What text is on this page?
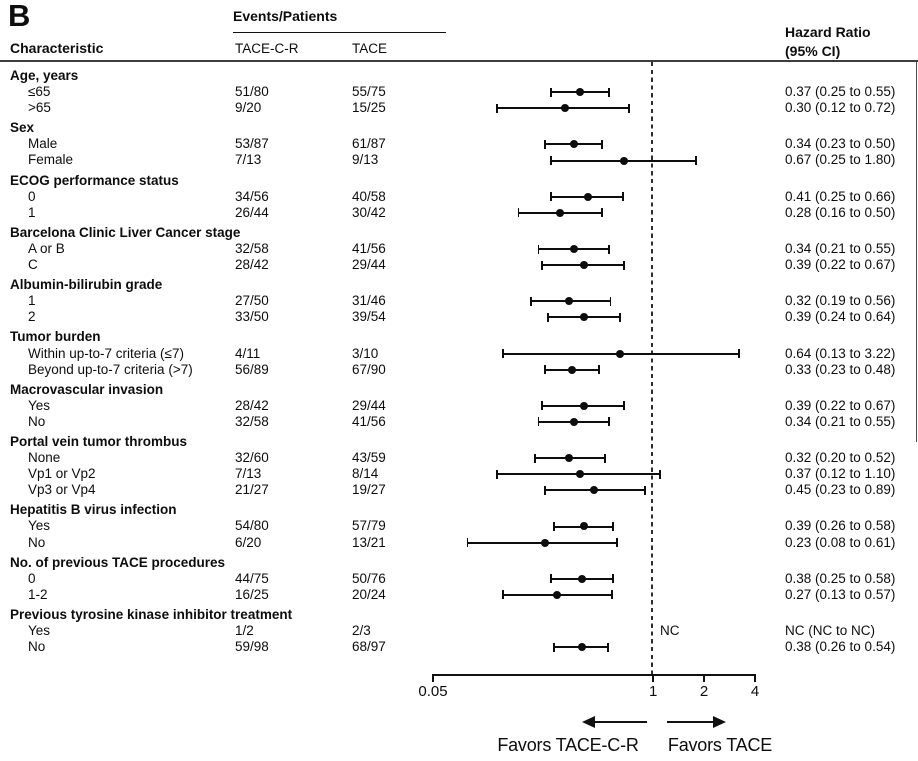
B	Events/Patients
Characteristic	TACE-C-R	TACE
Hazard Ratio
(95% CI)
Age, years
≤65	51/80	55/75	0.37 (0.25 to 0.55)
>65	9/20	15/25	0.30 (0.12 to 0.72)
Sex
Male	53/87	61/87	0.34 (0.23 to 0.50)
Female	7/13	9/13	0.67 (0.25 to 1.80)
ECOG performance status
0	34/56	40/58	0.41 (0.25 to 0.66)
1	26/44	30/42	0.28 (0.16 to 0.50)
Barcelona Clinic Liver Cancer stage
A or B	32/58	41/56	0.34 (0.21 to 0.55)
C	28/42	29/44	0.39 (0.22 to 0.67)
Albumin-bilirubin grade
1	27/50	31/46	0.32 (0.19 to 0.56)
2	33/50	39/54	0.39 (0.24 to 0.64)
Tumor burden
Within up-to-7 criteria (≤7)	4/11	3/10	0.64 (0.13 to 3.22)
Beyond up-to-7 criteria (>7)	56/89	67/90	0.33 (0.23 to 0.48)
Macrovascular invasion
Yes	28/42	29/44	0.39 (0.22 to 0.67)
No	32/58	41/56	0.34 (0.21 to 0.55)
Portal vein tumor thrombus
None	32/60	43/59	0.32 (0.20 to 0.52)
Vp1 or Vp2	7/13	8/14	0.37 (0.12 to 1.10)
Vp3 or Vp4	21/27	19/27	0.45 (0.23 to 0.89)
Hepatitis B virus infection
Yes	54/80	57/79	0.39 (0.26 to 0.58)
No	6/20	13/21	0.23 (0.08 to 0.61)
No. of previous TACE procedures
0	44/75	50/76	0.38 (0.25 to 0.58)
1-2	16/25	20/24	0.27 (0.13 to 0.57)
Previous tyrosine kinase inhibitor treatment
Yes	1/2	2/3	NC	NC (NC to NC)
No	59/98	68/97	0.38 (0.26 to 0.54)
0.05	1	2	4
Favors TACE-C-R	Favors TACE
